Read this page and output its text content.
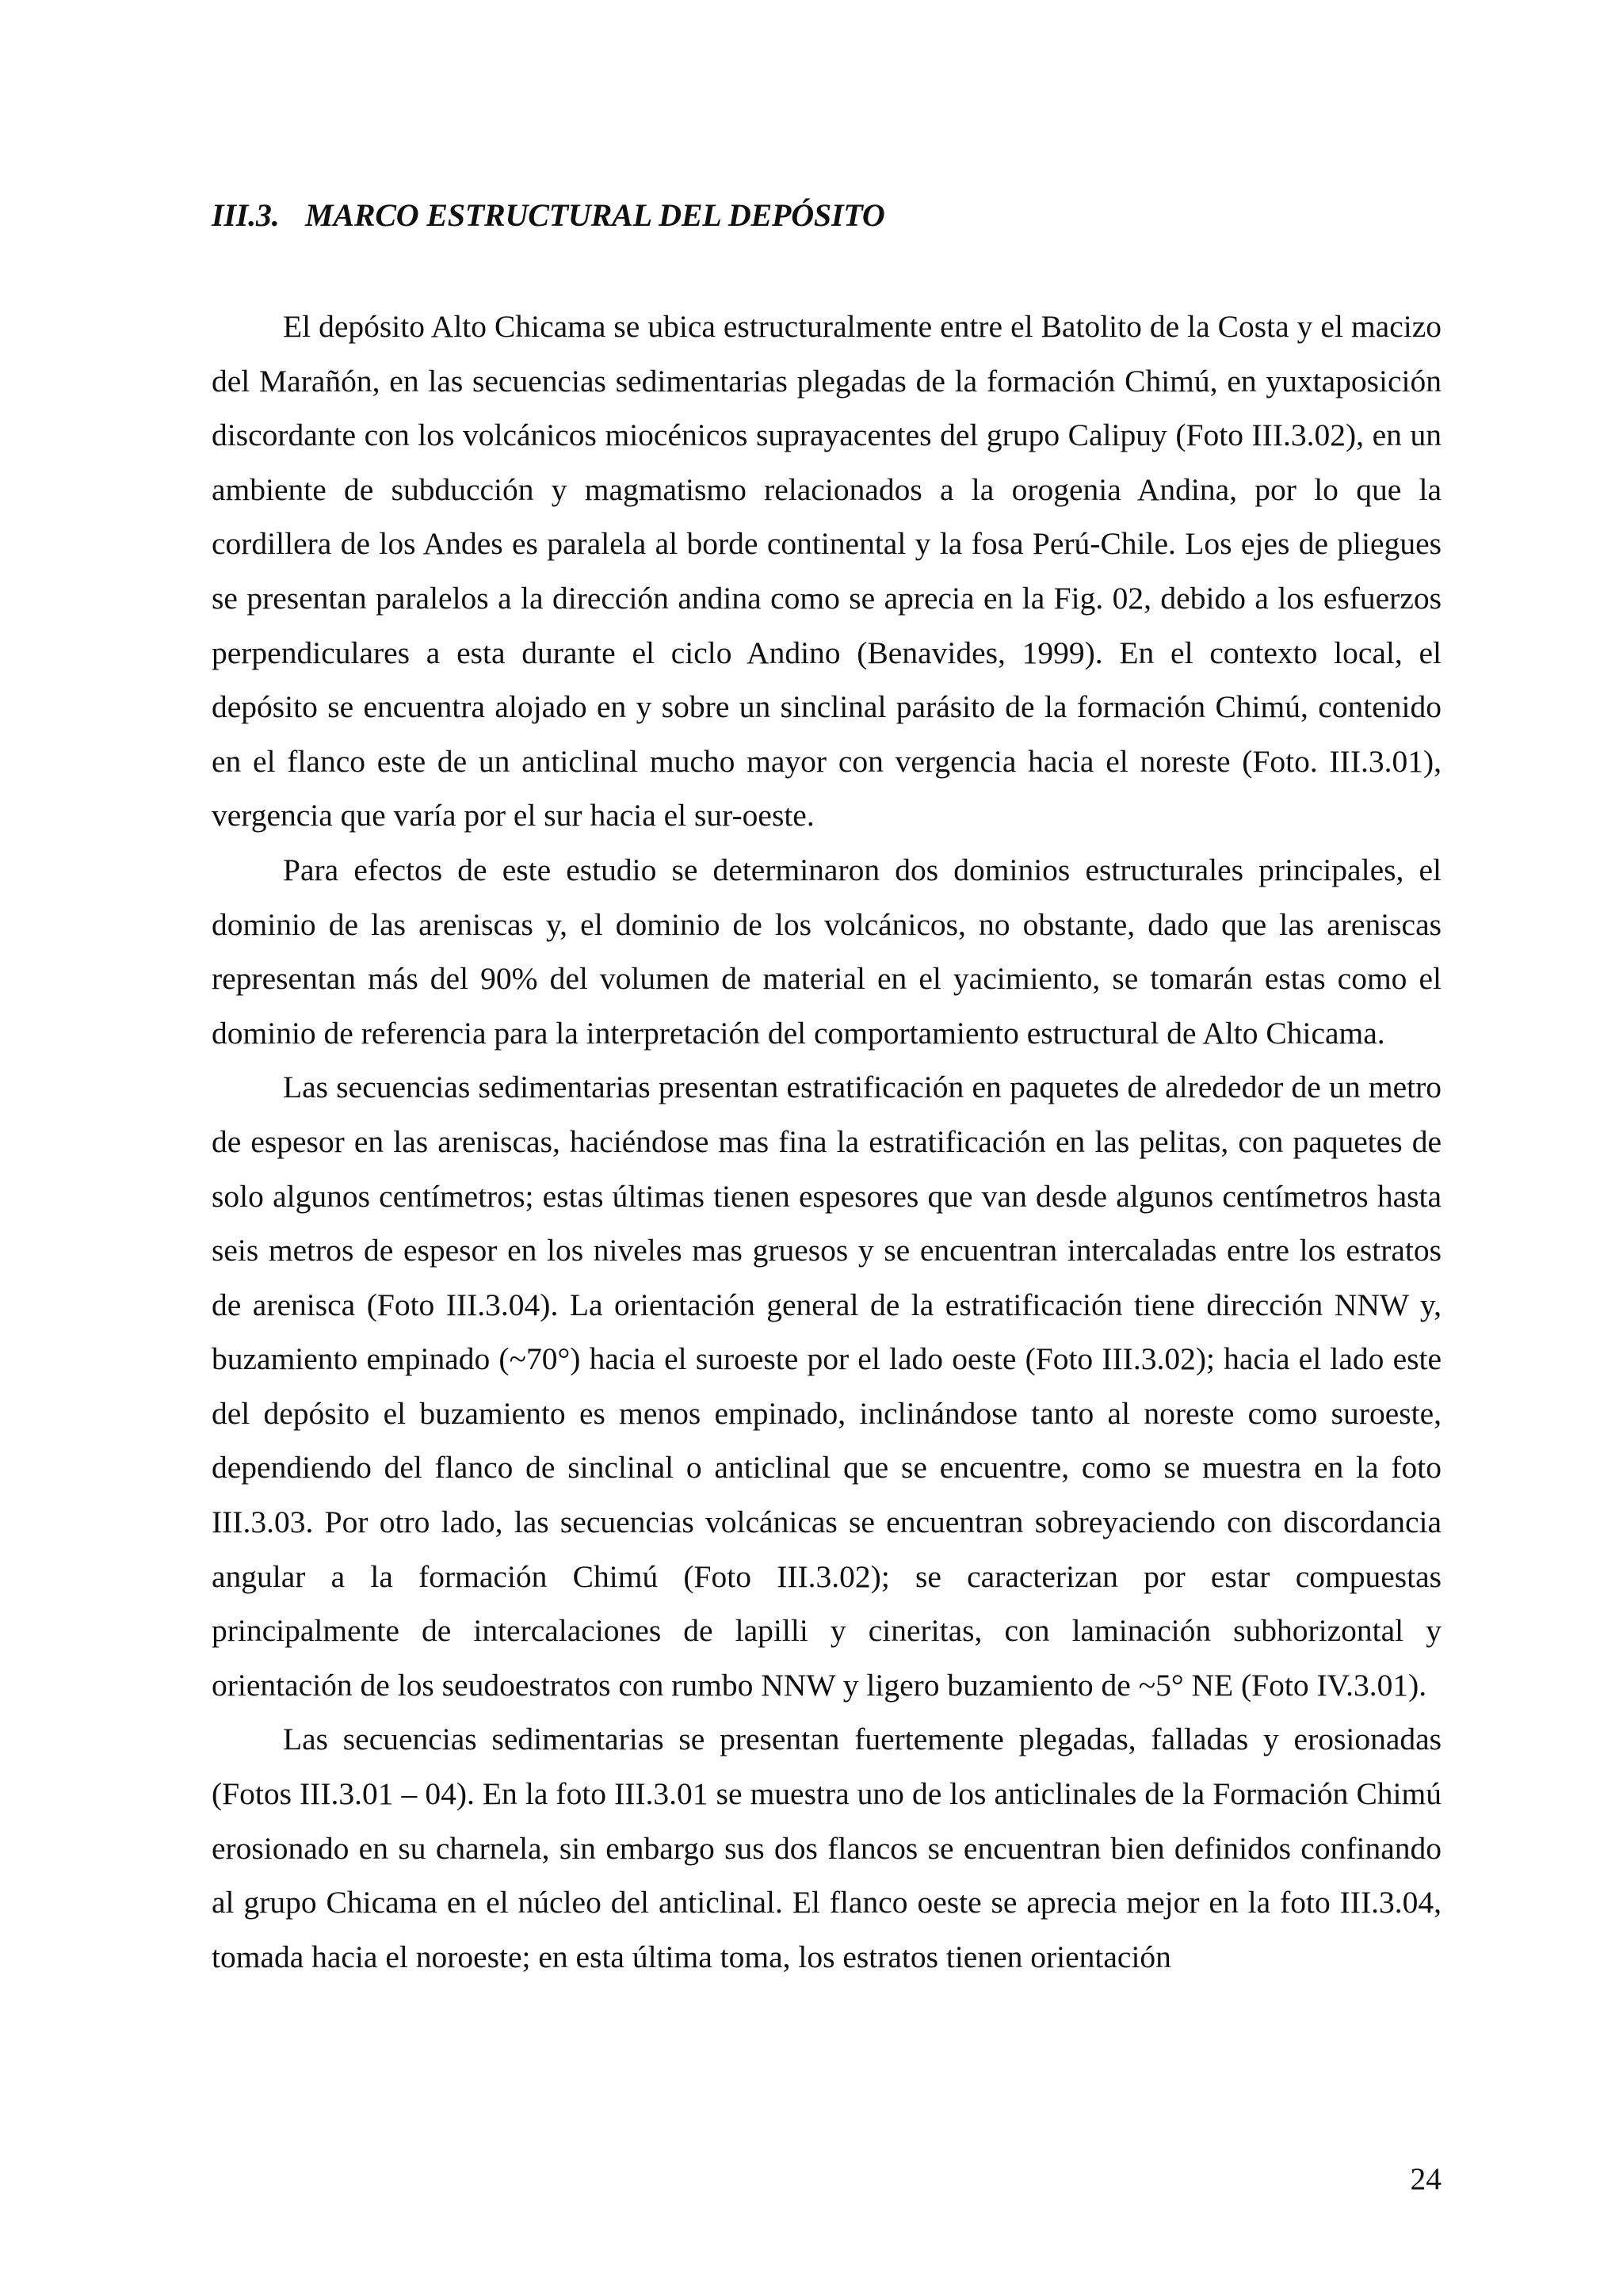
III.3. MARCO ESTRUCTURAL DEL DEPÓSITO

El depósito Alto Chicama se ubica estructuralmente entre el Batolito de la Costa y el macizo del Marañón, en las secuencias sedimentarias plegadas de la formación Chimú, en yuxtaposición discordante con los volcánicos miocénicos suprayacentes del grupo Calipuy (Foto III.3.02), en un ambiente de subducción y magmatismo relacionados a la orogenia Andina, por lo que la cordillera de los Andes es paralela al borde continental y la fosa Perú-Chile. Los ejes de pliegues se presentan paralelos a la dirección andina como se aprecia en la Fig. 02, debido a los esfuerzos perpendiculares a esta durante el ciclo Andino (Benavides, 1999). En el contexto local, el depósito se encuentra alojado en y sobre un sinclinal parásito de la formación Chimú, contenido en el flanco este de un anticlinal mucho mayor con vergencia hacia el noreste (Foto. III.3.01), vergencia que varía por el sur hacia el sur-oeste.

Para efectos de este estudio se determinaron dos dominios estructurales principales, el dominio de las areniscas y, el dominio de los volcánicos, no obstante, dado que las areniscas representan más del 90% del volumen de material en el yacimiento, se tomarán estas como el dominio de referencia para la interpretación del comportamiento estructural de Alto Chicama.

Las secuencias sedimentarias presentan estratificación en paquetes de alrededor de un metro de espesor en las areniscas, haciéndose mas fina la estratificación en las pelitas, con paquetes de solo algunos centímetros; estas últimas tienen espesores que van desde algunos centímetros hasta seis metros de espesor en los niveles mas gruesos y se encuentran intercaladas entre los estratos de arenisca (Foto III.3.04). La orientación general de la estratificación tiene dirección NNW y, buzamiento empinado (~70°) hacia el suroeste por el lado oeste (Foto III.3.02); hacia el lado este del depósito el buzamiento es menos empinado, inclinándose tanto al noreste como suroeste, dependiendo del flanco de sinclinal o anticlinal que se encuentre, como se muestra en la foto III.3.03. Por otro lado, las secuencias volcánicas se encuentran sobreyaciendo con discordancia angular a la formación Chimú (Foto III.3.02); se caracterizan por estar compuestas principalmente de intercalaciones de lapilli y cineritas, con laminación subhorizontal y orientación de los seudoestratos con rumbo NNW y ligero buzamiento de ~5° NE (Foto IV.3.01).

Las secuencias sedimentarias se presentan fuertemente plegadas, falladas y erosionadas (Fotos III.3.01 – 04). En la foto III.3.01 se muestra uno de los anticlinales de la Formación Chimú erosionado en su charnela, sin embargo sus dos flancos se encuentran bien definidos confinando al grupo Chicama en el núcleo del anticlinal. El flanco oeste se aprecia mejor en la foto III.3.04, tomada hacia el noroeste; en esta última toma, los estratos tienen orientación

24
